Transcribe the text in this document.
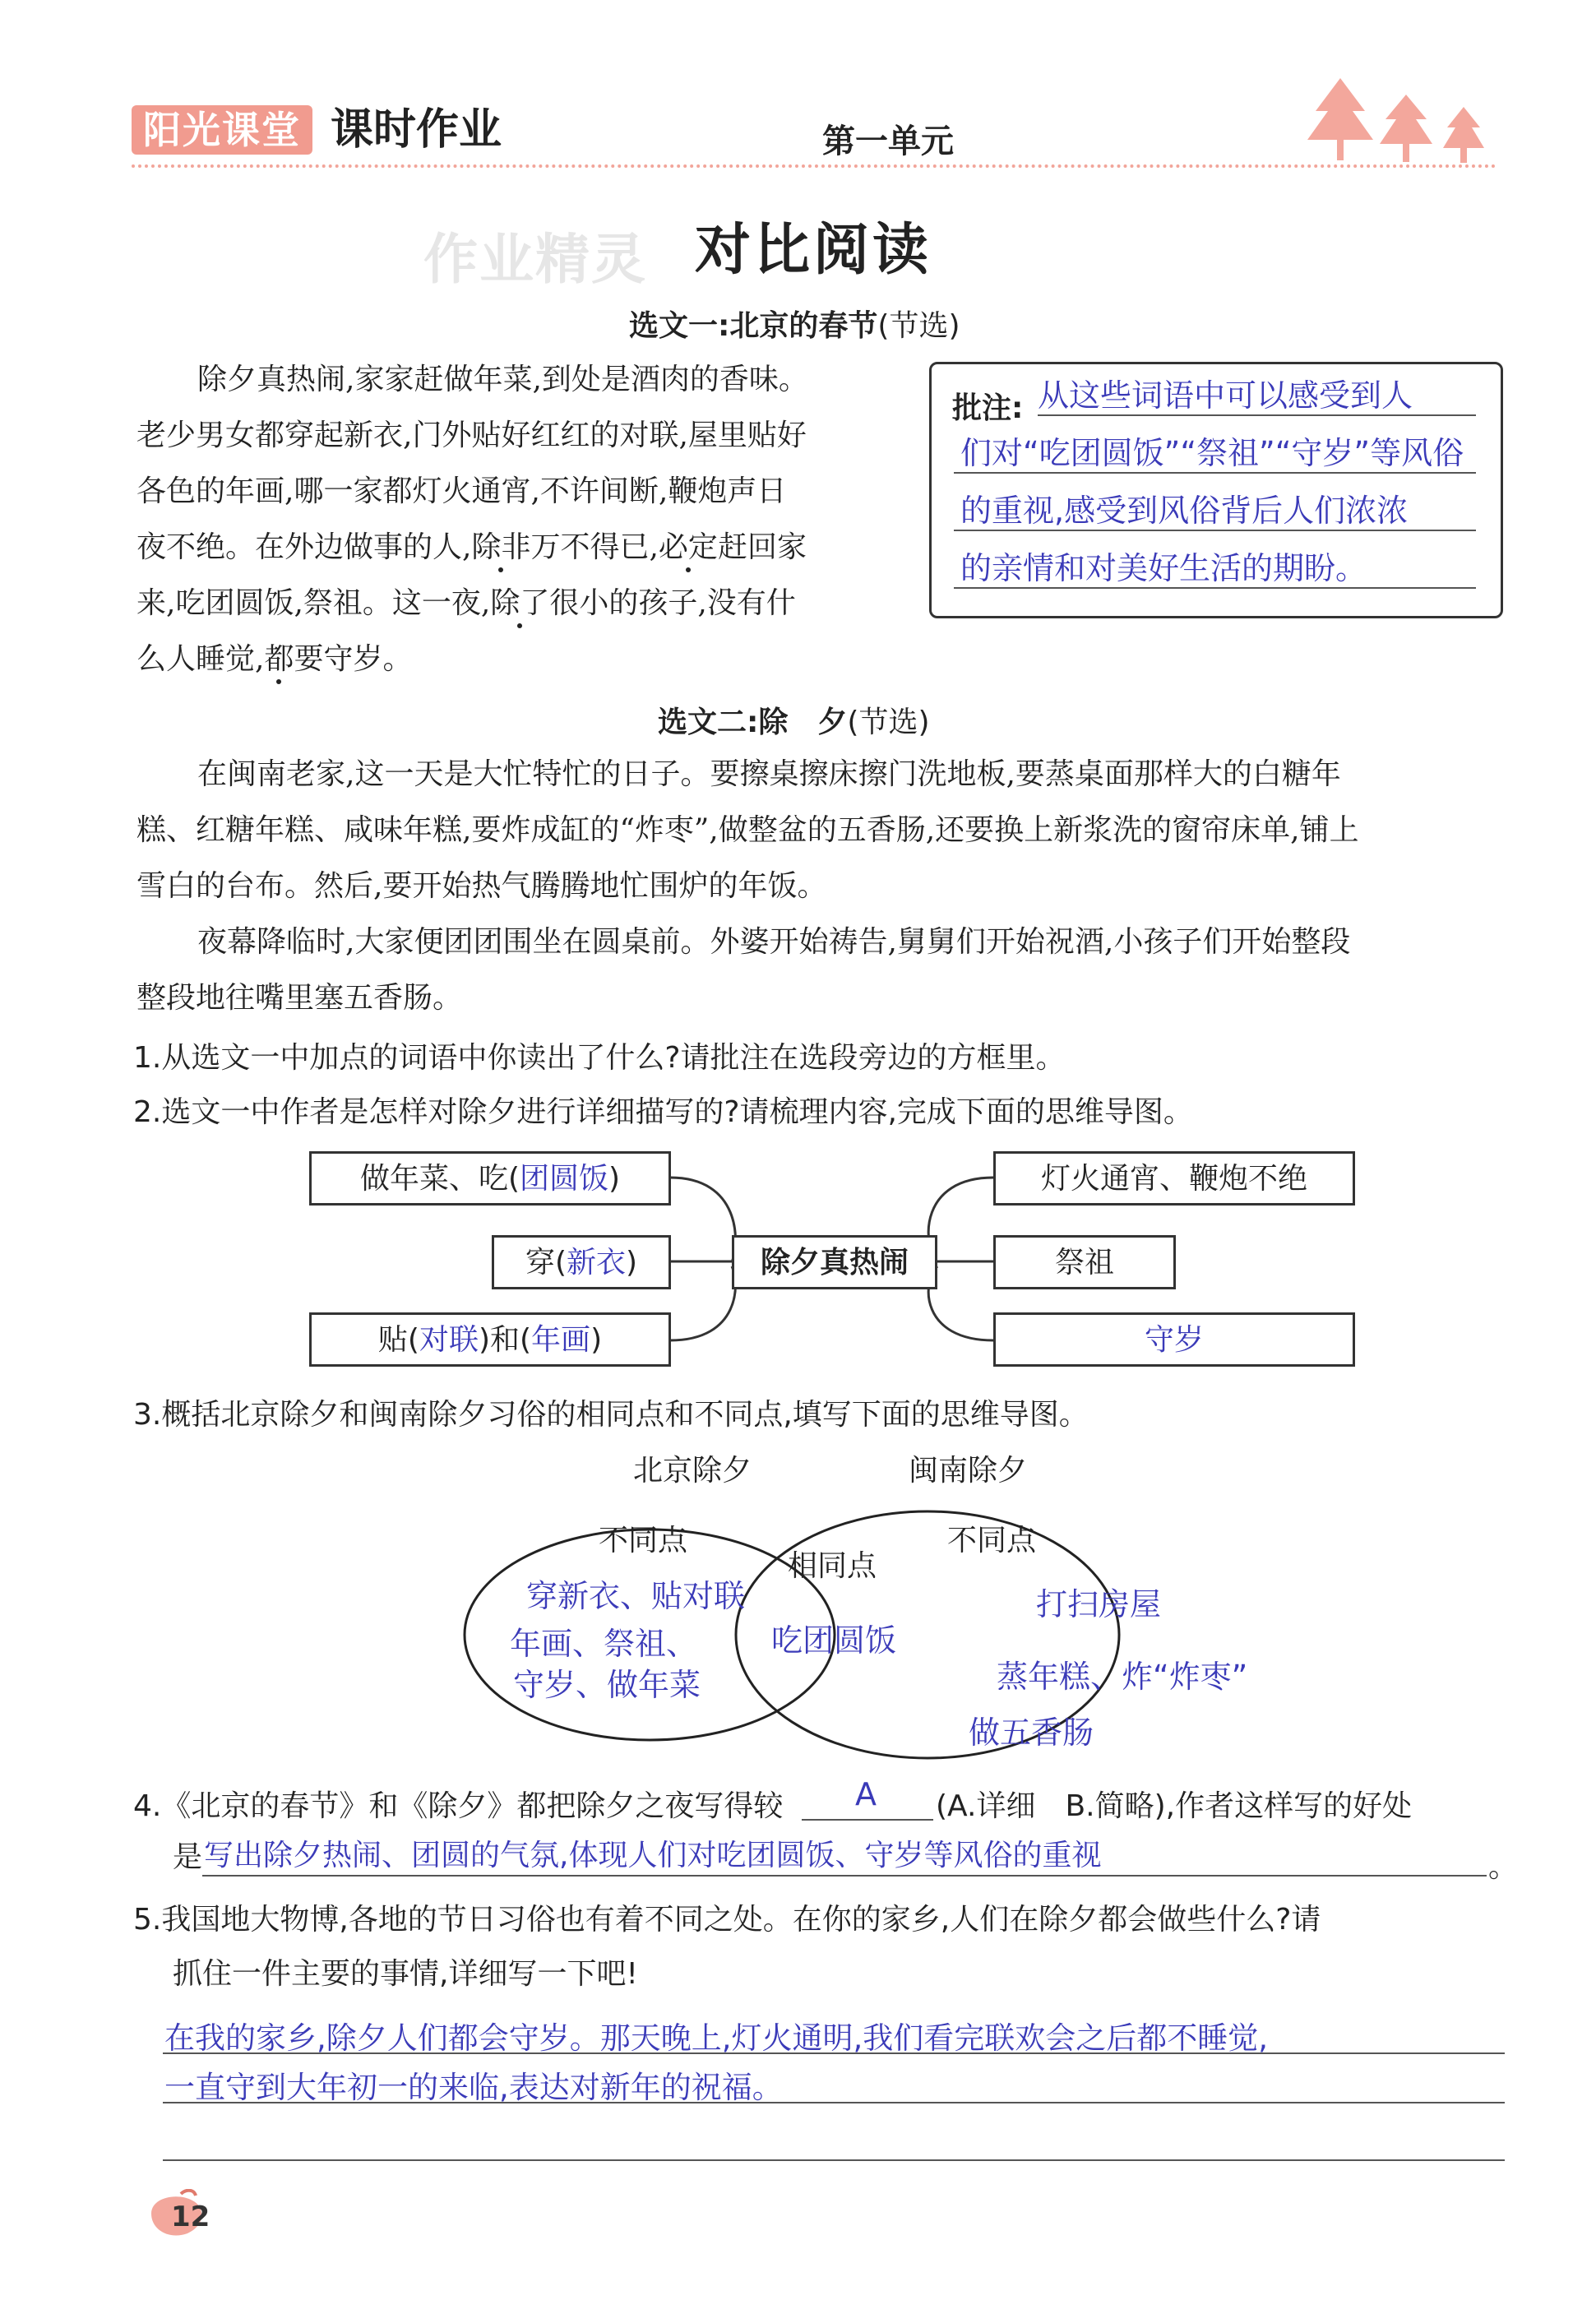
阳光课堂 课时作业	第一单元
作业精灵 对比阅读
选文一:北京的春节(节选)
除夕真热闹,家家赶做年菜,到处是酒肉的香味。
老少男女都穿起新衣,门外贴好红红的对联,屋里贴好
各色的年画,哪一家都灯火通宵,不许间断,鞭炮声日
夜不绝。在外边做事的人,除非万不得已,必定赶回家
来,吃团圆饭,祭祖。这一夜,除了很小的孩子,没有什
么人睡觉,都要守岁。
批注: 从这些词语中可以感受到人
们对“吃团圆饭”“祭祖”“守岁”等风俗
的重视,感受到风俗背后人们浓浓
的亲情和对美好生活的期盼。
选文二:除　夕(节选)
在闽南老家,这一天是大忙特忙的日子。要擦桌擦床擦门洗地板,要蒸桌面那样大的白糖年
糕、红糖年糕、咸味年糕,要炸成缸的“炸枣”,做整盆的五香肠,还要换上新浆洗的窗帘床单,铺上
雪白的台布。然后,要开始热气腾腾地忙围炉的年饭。
夜幕降临时,大家便团团围坐在圆桌前。外婆开始祷告,舅舅们开始祝酒,小孩子们开始整段
整段地往嘴里塞五香肠。
1.从选文一中加点的词语中你读出了什么?请批注在选段旁边的方框里。
2.选文一中作者是怎样对除夕进行详细描写的?请梳理内容,完成下面的思维导图。
做年菜、吃(团圆饭)
穿(新衣)
贴(对联)和(年画)
除夕真热闹
灯火通宵、鞭炮不绝
祭祖
守岁
3.概括北京除夕和闽南除夕习俗的相同点和不同点,填写下面的思维导图。
北京除夕	闽南除夕
不同点	不同点
相同点
穿新衣、贴对联
年画、祭祖、
守岁、做年菜
吃团圆饭
打扫房屋
蒸年糕、炸“炸枣”
做五香肠
4.《北京的春节》和《除夕》都把除夕之夜写得较 A (A.详细　B.简略),作者这样写的好处
是 写出除夕热闹、团圆的气氛,体现人们对吃团圆饭、守岁等风俗的重视	。
5.我国地大物博,各地的节日习俗也有着不同之处。在你的家乡,人们在除夕都会做些什么?请
抓住一件主要的事情,详细写一下吧!
在我的家乡,除夕人们都会守岁。那天晚上,灯火通明,我们看完联欢会之后都不睡觉,
一直守到大年初一的来临,表达对新年的祝福。
12
